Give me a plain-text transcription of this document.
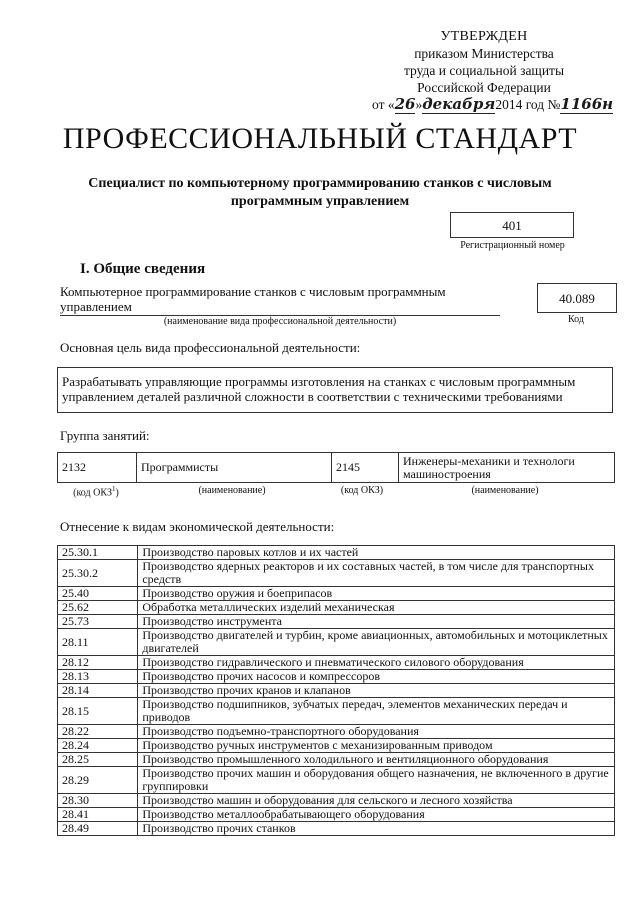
УТВЕРЖДЕН
приказом Министерства
труда и социальной защиты
Российской Федерации
от «26»декабря2014 год №1166н
ПРОФЕССИОНАЛЬНЫЙ СТАНДАРТ
Специалист по компьютерному программированию станков с числовым программным управлением
401
Регистрационный номер
I. Общие сведения
Компьютерное программирование станков с числовым программным управлением
(наименование вида профессиональной деятельности)
40.089
Код
Основная цель вида профессиональной деятельности:
Разрабатывать управляющие программы изготовления на станках с числовым программным управлением деталей различной сложности в соответствии с техническими требованиями
Группа занятий:
2132	Программисты	2145	Инженеры-механики и технологи машиностроения
(код ОКЗ$^1$)	(наименование)	(код ОКЗ)	(наименование)
Отнесение к видам экономической деятельности:
25.30.1	Производство паровых котлов и их частей
25.30.2	Производство ядерных реакторов и их составных частей, в том числе для транспортных средств
25.40	Производство оружия и боеприпасов
25.62	Обработка металлических изделий механическая
25.73	Производство инструмента
28.11	Производство двигателей и турбин, кроме авиационных, автомобильных и мотоциклетных двигателей
28.12	Производство гидравлического и пневматического силового оборудования
28.13	Производство прочих насосов и компрессоров
28.14	Производство прочих кранов и клапанов
28.15	Производство подшипников, зубчатых передач, элементов механических передач и приводов
28.22	Производство подъемно-транспортного оборудования
28.24	Производство ручных инструментов с механизированным приводом
28.25	Производство промышленного холодильного и вентиляционного оборудования
28.29	Производство прочих машин и оборудования общего назначения, не включенного в другие группировки
28.30	Производство машин и оборудования для сельского и лесного хозяйства
28.41	Производство металлообрабатывающего оборудования
28.49	Производство прочих станков
